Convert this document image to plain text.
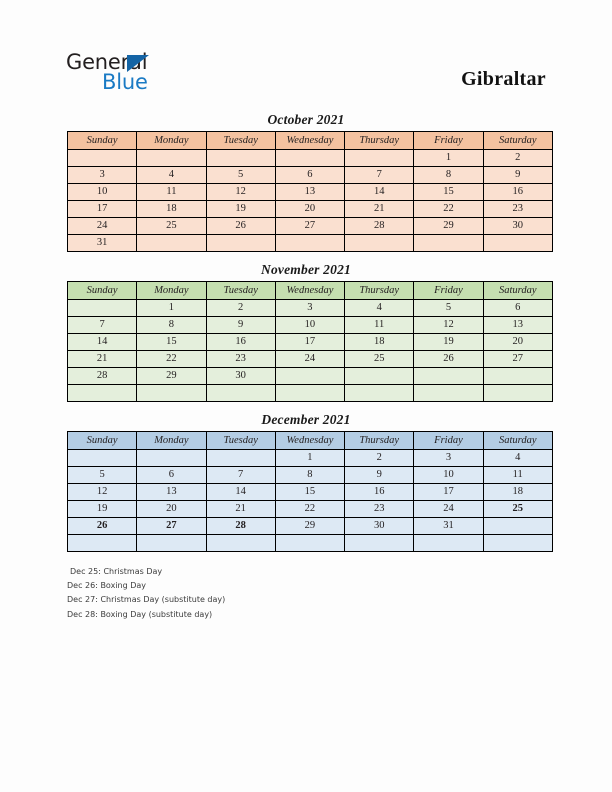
General
Blue	Gibraltar
October 2021
Sunday	Monday	Tuesday	Wednesday	Thursday	Friday	Saturday
					1	2
3	4	5	6	7	8	9
10	11	12	13	14	15	16
17	18	19	20	21	22	23
24	25	26	27	28	29	30
31						
November 2021
Sunday	Monday	Tuesday	Wednesday	Thursday	Friday	Saturday
	1	2	3	4	5	6
7	8	9	10	11	12	13
14	15	16	17	18	19	20
21	22	23	24	25	26	27
28	29	30				

December 2021
Sunday	Monday	Tuesday	Wednesday	Thursday	Friday	Saturday
			1	2	3	4
5	6	7	8	9	10	11
12	13	14	15	16	17	18
19	20	21	22	23	24	25
26	27	28	29	30	31	

Dec 25: Christmas Day
Dec 26: Boxing Day
Dec 27: Christmas Day (substitute day)
Dec 28: Boxing Day (substitute day)
